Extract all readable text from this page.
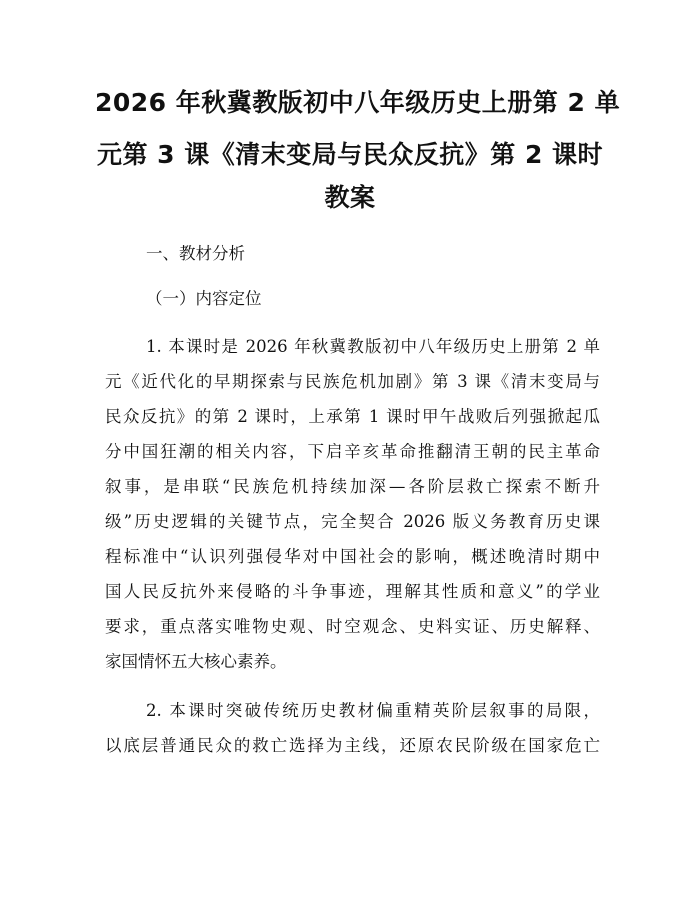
2026 年秋冀教版初中八年级历史上册第 2 单
元第 3 课《清末变局与民众反抗》第 2 课时
教案
一、教材分析
（一）内容定位
1. 本课时是 2026 年秋冀教版初中八年级历史上册第 2 单
元《近代化的早期探索与民族危机加剧》第 3 课《清末变局与
民众反抗》的第 2 课时，上承第 1 课时甲午战败后列强掀起瓜
分中国狂潮的相关内容，下启辛亥革命推翻清王朝的民主革命
叙事，是串联“民族危机持续加深—各阶层救亡探索不断升
级”历史逻辑的关键节点，完全契合 2026 版义务教育历史课
程标准中“认识列强侵华对中国社会的影响，概述晚清时期中
国人民反抗外来侵略的斗争事迹，理解其性质和意义”的学业
要求，重点落实唯物史观、时空观念、史料实证、历史解释、
家国情怀五大核心素养。
2. 本课时突破传统历史教材偏重精英阶层叙事的局限，
以底层普通民众的救亡选择为主线，还原农民阶级在国家危亡
